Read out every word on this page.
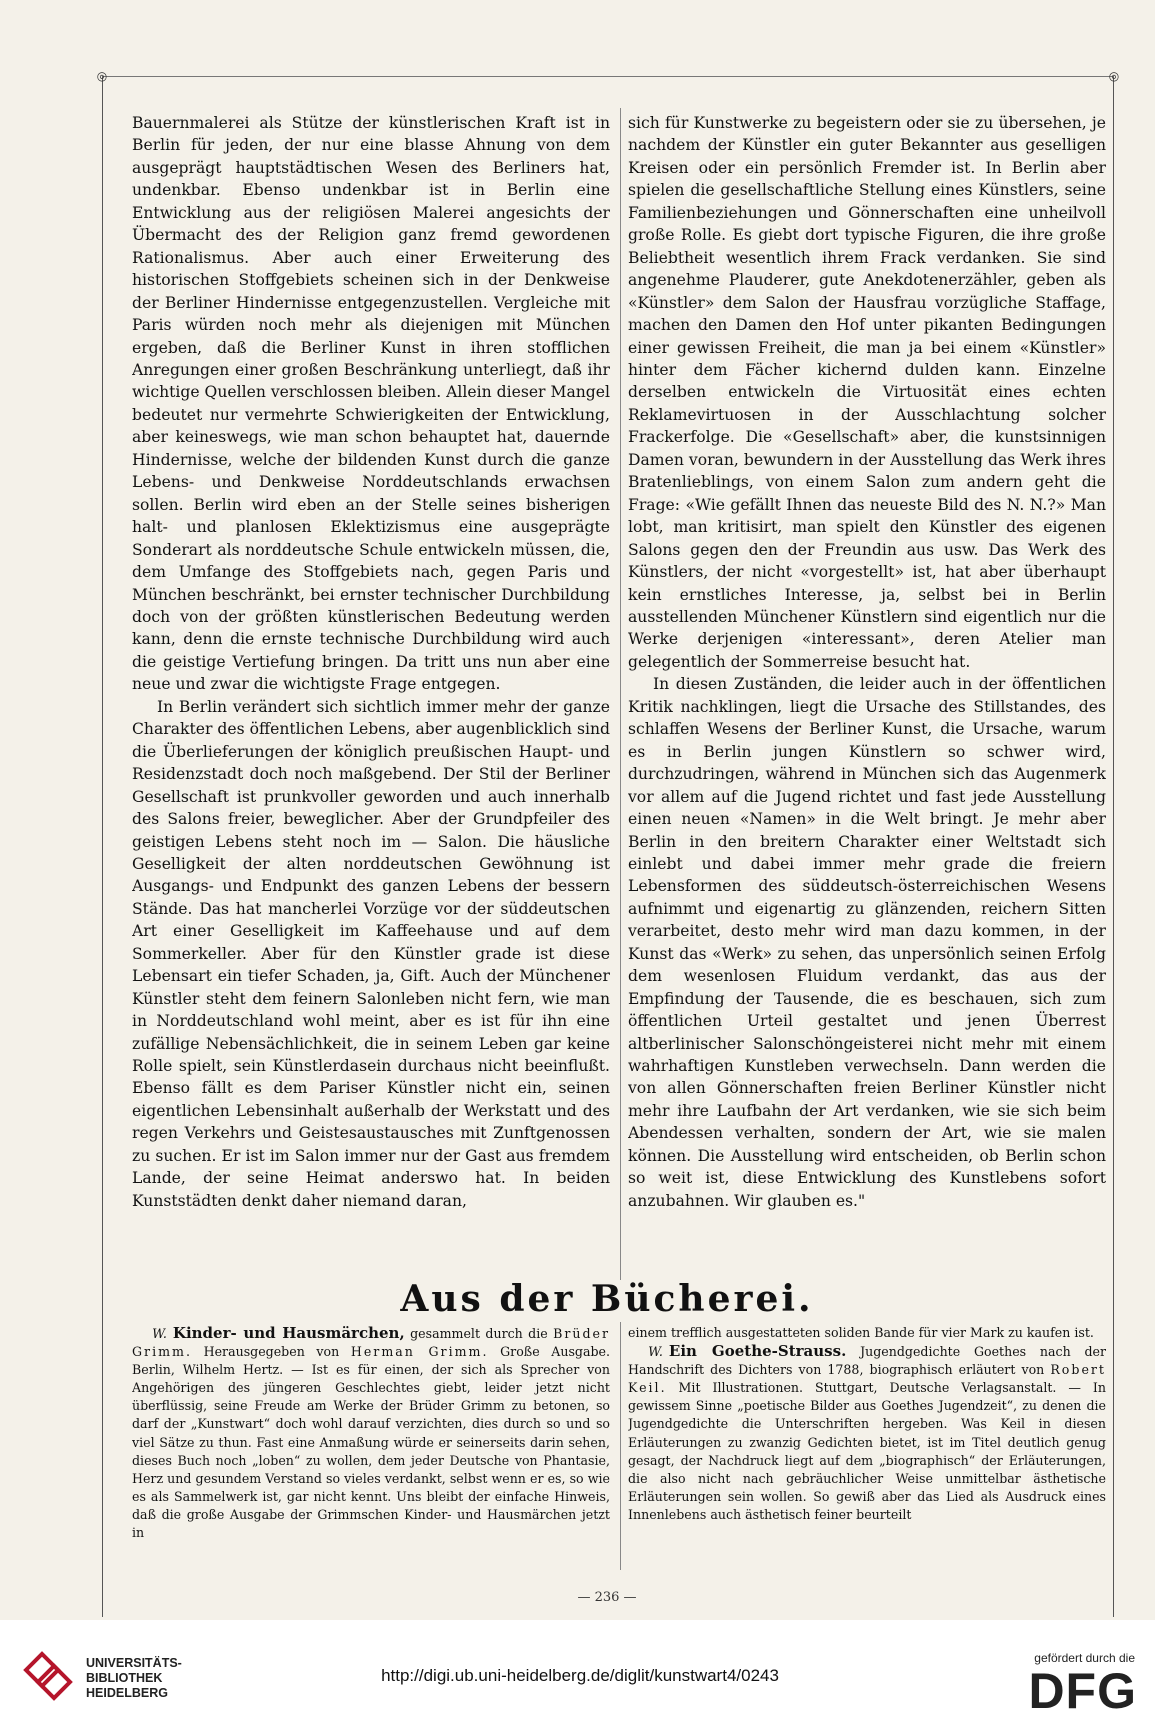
◎	◎

Bauernmalerei als Stütze der künstlerischen Kraft ist in Berlin für jeden, der nur eine blasse Ahnung von dem ausgeprägt hauptstädtischen Wesen des Berliners hat, undenkbar. Ebenso undenkbar ist in Berlin eine Entwicklung aus der religiösen Malerei angesichts der Übermacht des der Religion ganz fremd gewordenen Rationalismus. Aber auch einer Erweiterung des historischen Stoffgebiets scheinen sich in der Denkweise der Berliner Hindernisse entgegenzustellen. Vergleiche mit Paris würden noch mehr als diejenigen mit München ergeben, daß die Berliner Kunst in ihren stofflichen Anregungen einer großen Beschränkung unterliegt, daß ihr wichtige Quellen verschlossen bleiben. Allein dieser Mangel bedeutet nur vermehrte Schwierigkeiten der Entwicklung, aber keineswegs, wie man schon behauptet hat, dauernde Hindernisse, welche der bildenden Kunst durch die ganze Lebens- und Denkweise Norddeutschlands erwachsen sollen. Berlin wird eben an der Stelle seines bisherigen halt- und planlosen Eklektizismus eine ausgeprägte Sonderart als norddeutsche Schule entwickeln müssen, die, dem Umfange des Stoffgebiets nach, gegen Paris und München beschränkt, bei ernster technischer Durchbildung doch von der größten künstlerischen Bedeutung werden kann, denn die ernste technische Durchbildung wird auch die geistige Vertiefung bringen. Da tritt uns nun aber eine neue und zwar die wichtigste Frage entgegen.

In Berlin verändert sich sichtlich immer mehr der ganze Charakter des öffentlichen Lebens, aber augenblicklich sind die Überlieferungen der königlich preußischen Haupt- und Residenzstadt doch noch maßgebend. Der Stil der Berliner Gesellschaft ist prunkvoller geworden und auch innerhalb des Salons freier, beweglicher. Aber der Grundpfeiler des geistigen Lebens steht noch im — Salon. Die häusliche Geselligkeit der alten norddeutschen Gewöhnung ist Ausgangs- und Endpunkt des ganzen Lebens der bessern Stände. Das hat mancherlei Vorzüge vor der süddeutschen Art einer Geselligkeit im Kaffeehause und auf dem Sommerkeller. Aber für den Künstler grade ist diese Lebensart ein tiefer Schaden, ja, Gift. Auch der Münchener Künstler steht dem feinern Salonleben nicht fern, wie man in Norddeutschland wohl meint, aber es ist für ihn eine zufällige Nebensächlichkeit, die in seinem Leben gar keine Rolle spielt, sein Künstlerdasein durchaus nicht beeinflußt. Ebenso fällt es dem Pariser Künstler nicht ein, seinen eigentlichen Lebensinhalt außerhalb der Werkstatt und des regen Verkehrs und Geistesaustausches mit Zunftgenossen zu suchen. Er ist im Salon immer nur der Gast aus fremdem Lande, der seine Heimat anderswo hat. In beiden Kunststädten denkt daher niemand daran,

sich für Kunstwerke zu begeistern oder sie zu übersehen, je nachdem der Künstler ein guter Bekannter aus geselligen Kreisen oder ein persönlich Fremder ist. In Berlin aber spielen die gesellschaftliche Stellung eines Künstlers, seine Familienbeziehungen und Gönnerschaften eine unheilvoll große Rolle. Es giebt dort typische Figuren, die ihre große Beliebtheit wesentlich ihrem Frack verdanken. Sie sind angenehme Plauderer, gute Anekdotenerzähler, geben als «Künstler» dem Salon der Hausfrau vorzügliche Staffage, machen den Damen den Hof unter pikanten Bedingungen einer gewissen Freiheit, die man ja bei einem «Künstler» hinter dem Fächer kichernd dulden kann. Einzelne derselben entwickeln die Virtuosität eines echten Reklamevirtuosen in der Ausschlachtung solcher Frackerfolge. Die «Gesellschaft» aber, die kunstsinnigen Damen voran, bewundern in der Ausstellung das Werk ihres Bratenlieblings, von einem Salon zum andern geht die Frage: «Wie gefällt Ihnen das neueste Bild des N. N.?» Man lobt, man kritisirt, man spielt den Künstler des eigenen Salons gegen den der Freundin aus usw. Das Werk des Künstlers, der nicht «vorgestellt» ist, hat aber überhaupt kein ernstliches Interesse, ja, selbst bei in Berlin ausstellenden Münchener Künstlern sind eigentlich nur die Werke derjenigen «interessant», deren Atelier man gelegentlich der Sommerreise besucht hat.

In diesen Zuständen, die leider auch in der öffentlichen Kritik nachklingen, liegt die Ursache des Stillstandes, des schlaffen Wesens der Berliner Kunst, die Ursache, warum es in Berlin jungen Künstlern so schwer wird, durchzudringen, während in München sich das Augenmerk vor allem auf die Jugend richtet und fast jede Ausstellung einen neuen «Namen» in die Welt bringt. Je mehr aber Berlin in den breitern Charakter einer Weltstadt sich einlebt und dabei immer mehr grade die freiern Lebensformen des süddeutsch-österreichischen Wesens aufnimmt und eigenartig zu glänzenden, reichern Sitten verarbeitet, desto mehr wird man dazu kommen, in der Kunst das «Werk» zu sehen, das unpersönlich seinen Erfolg dem wesenlosen Fluidum verdankt, das aus der Empfindung der Tausende, die es beschauen, sich zum öffentlichen Urteil gestaltet und jenen Überrest altberlinischer Salonschöngeisterei nicht mehr mit einem wahrhaftigen Kunstleben verwechseln. Dann werden die von allen Gönnerschaften freien Berliner Künstler nicht mehr ihre Laufbahn der Art verdanken, wie sie sich beim Abendessen verhalten, sondern der Art, wie sie malen können. Die Ausstellung wird entscheiden, ob Berlin schon so weit ist, diese Entwicklung des Kunstlebens sofort anzubahnen. Wir glauben es."

Aus der Bücherei.

W. Kinder- und Hausmärchen, gesammelt durch die Brüder Grimm. Herausgegeben von Herman Grimm. Große Ausgabe. Berlin, Wilhelm Hertz. — Ist es für einen, der sich als Sprecher von Angehörigen des jüngeren Geschlechtes giebt, leider jetzt nicht überflüssig, seine Freude am Werke der Brüder Grimm zu betonen, so darf der „Kunstwart“ doch wohl darauf verzichten, dies durch so und so viel Sätze zu thun. Fast eine Anmaßung würde er seinerseits darin sehen, dieses Buch noch „loben“ zu wollen, dem jeder Deutsche von Phantasie, Herz und gesundem Verstand so vieles verdankt, selbst wenn er es, so wie es als Sammelwerk ist, gar nicht kennt. Uns bleibt der einfache Hinweis, daß die große Ausgabe der Grimmschen Kinder- und Hausmärchen jetzt in

einem trefflich ausgestatteten soliden Bande für vier Mark zu kaufen ist.

W. Ein Goethe-Strauss. Jugendgedichte Goethes nach der Handschrift des Dichters von 1788, biographisch erläutert von Robert Keil. Mit Illustrationen. Stuttgart, Deutsche Verlagsanstalt. — In gewissem Sinne „poetische Bilder aus Goethes Jugendzeit“, zu denen die Jugendgedichte die Unterschriften hergeben. Was Keil in diesen Erläuterungen zu zwanzig Gedichten bietet, ist im Titel deutlich genug gesagt, der Nachdruck liegt auf dem „biographisch“ der Erläuterungen, die also nicht nach gebräuchlicher Weise unmittelbar ästhetische Erläuterungen sein wollen. So gewiß aber das Lied als Ausdruck eines Innenlebens auch ästhetisch feiner beurteilt

— 236 —
UNIVERSITÄTS-
BIBLIOTHEK
HEIDELBERG
http://digi.ub.uni-heidelberg.de/diglit/kunstwart4/0243
gefördert durch die
DFG
